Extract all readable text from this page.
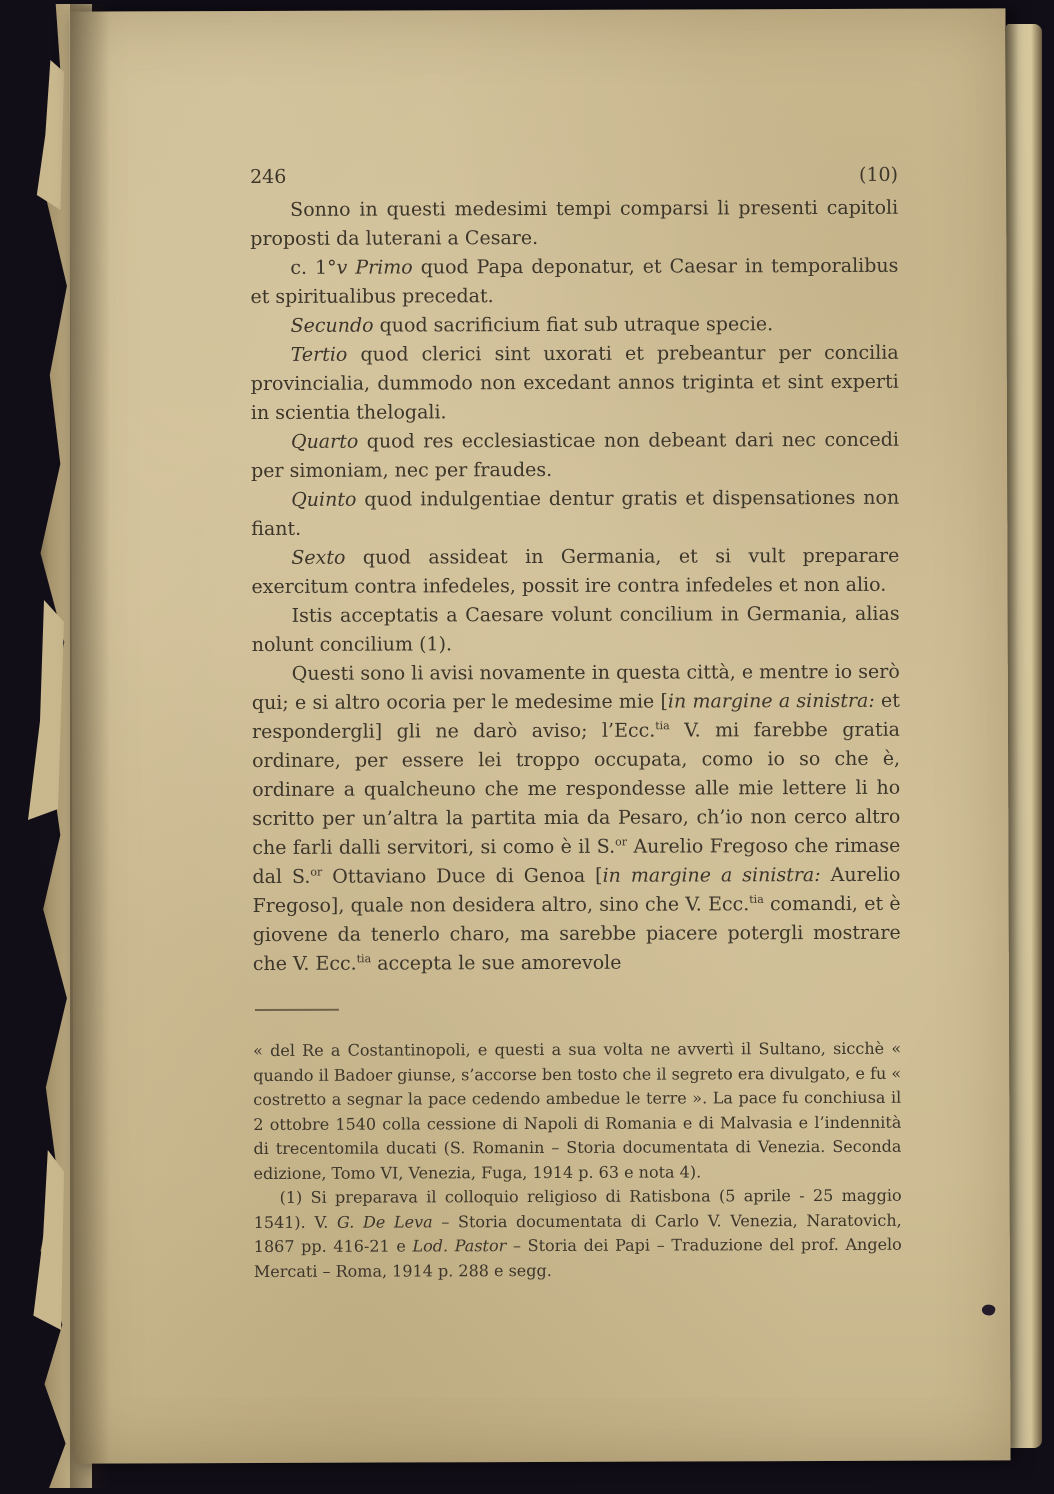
246	(10)

Sonno in questi medesimi tempi comparsi li presenti capitoli proposti da luterani a Cesare.

c. 1°v Primo quod Papa deponatur, et Caesar in temporalibus et spiritualibus precedat.

Secundo quod sacrificium fiat sub utraque specie.

Tertio quod clerici sint uxorati et prebeantur per concilia provincialia, dummodo non excedant annos triginta et sint experti in scientia thelogali.

Quarto quod res ecclesiasticae non debeant dari nec concedi per simoniam, nec per fraudes.

Quinto quod indulgentiae dentur gratis et dispensationes non fiant.

Sexto quod assideat in Germania, et si vult preparare exercitum contra infedeles, possit ire contra infedeles et non alio.

Istis acceptatis a Caesare volunt concilium in Germania, alias nolunt concilium (1).

Questi sono li avisi novamente in questa città, e mentre io serò qui; e si altro ocoria per le medesime mie [in margine a sinistra: et respondergli] gli ne darò aviso; l’Ecc.$^{tia}$ V. mi farebbe gratia ordinare, per essere lei troppo occupata, como io so che è, ordinare a qualcheuno che me respondesse alle mie lettere li ho scritto per un’altra la partita mia da Pesaro, ch’io non cerco altro che farli dalli servitori, si como è il S.$^{or}$ Aurelio Fregoso che rimase dal S.$^{or}$ Ottaviano Duce di Genoa [in margine a sinistra: Aurelio Fregoso], quale non desidera altro, sino che V. Ecc.$^{tia}$ comandi, et è giovene da tenerlo charo, ma sarebbe piacere potergli mostrare che V. Ecc.$^{tia}$ accepta le sue amorevole

« del Re a Costantinopoli, e questi a sua volta ne avvertì il Sultano, sicchè « quando il Badoer giunse, s’accorse ben tosto che il segreto era divulgato, e fu « costretto a segnar la pace cedendo ambedue le terre ». La pace fu conchiusa il 2 ottobre 1540 colla cessione di Napoli di Romania e di Malvasia e l’indennità di trecentomila ducati (S. Romanin – Storia documentata di Venezia. Seconda edizione, Tomo VI, Venezia, Fuga, 1914 p. 63 e nota 4).

(1) Si preparava il colloquio religioso di Ratisbona (5 aprile - 25 maggio 1541). V. G. De Leva – Storia documentata di Carlo V. Venezia, Naratovich, 1867 pp. 416-21 e Lod. Pastor – Storia dei Papi – Traduzione del prof. Angelo Mercati – Roma, 1914 p. 288 e segg.
